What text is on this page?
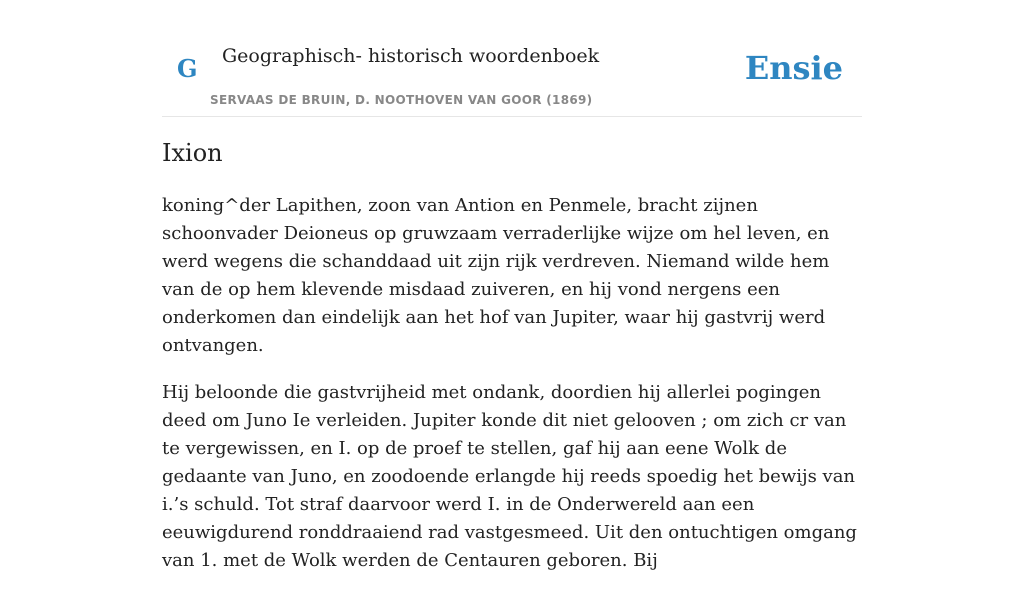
G Geographisch- historisch woordenboek
SERVAAS DE BRUIN, D. NOOTHOVEN VAN GOOR (1869)
Ensie
Ixion

koning^der Lapithen, zoon van Antion en Penmele, bracht zijnen schoonvader Deioneus op gruwzaam verraderlijke wijze om hel leven, en werd wegens die schanddaad uit zijn rijk verdreven. Niemand wilde hem van de op hem klevende misdaad zuiveren, en hij vond nergens een onderkomen dan eindelijk aan het hof van Jupiter, waar hij gastvrij werd ontvangen.

Hij beloonde die gastvrijheid met ondank, doordien hij allerlei pogingen deed om Juno Ie verleiden. Jupiter konde dit niet gelooven ; om zich cr van te vergewissen, en I. op de proef te stellen, gaf hij aan eene Wolk de gedaante van Juno, en zoodoende erlangde hij reeds spoedig het bewijs van i.’s schuld. Tot straf daarvoor werd I. in de Onderwereld aan een eeuwigdurend ronddraaiend rad vastgesmeed. Uit den ontuchtigen omgang van 1. met de Wolk werden de Centauren geboren. Bij
